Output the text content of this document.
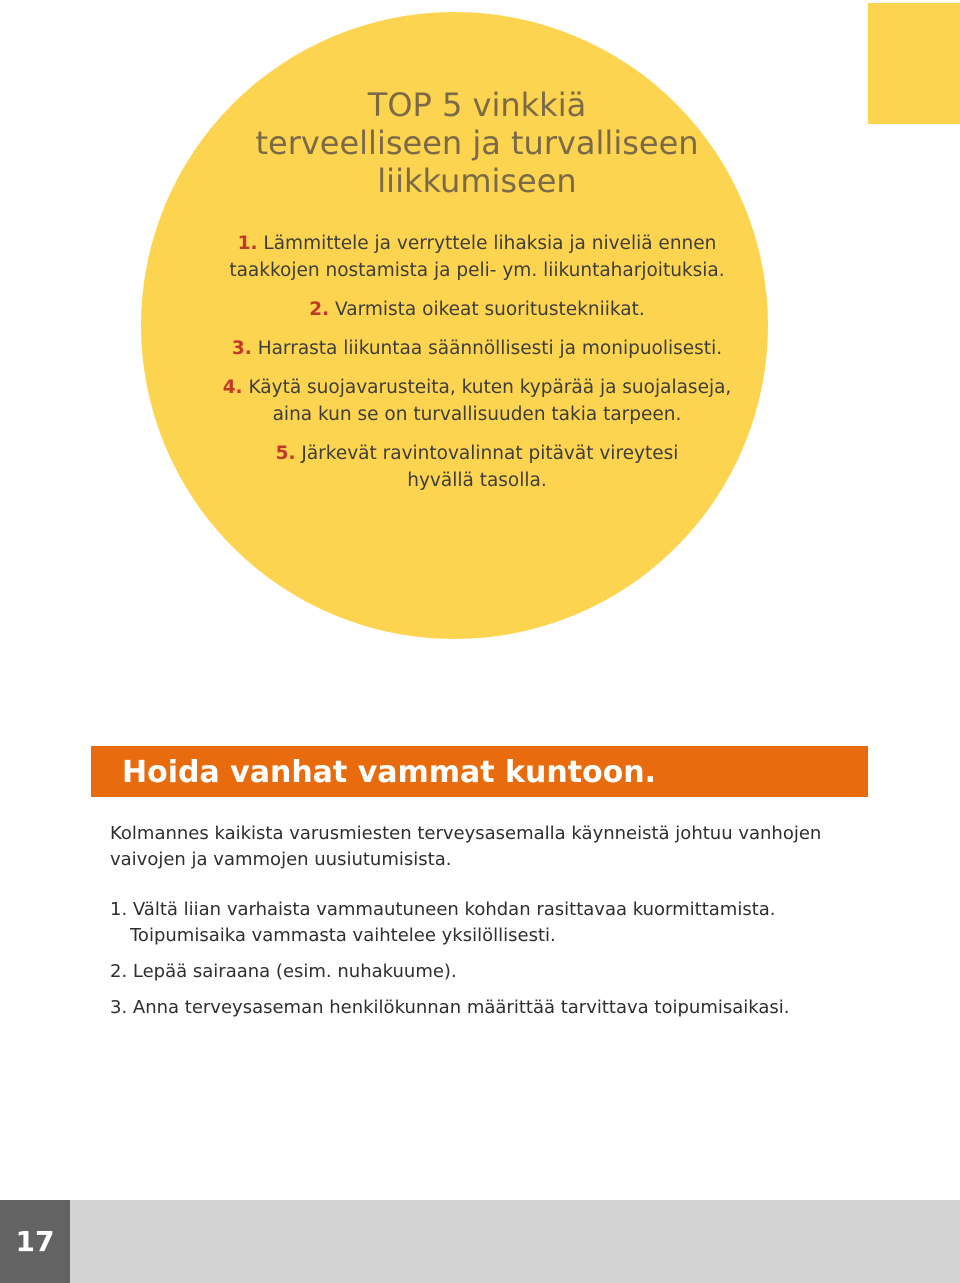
TOP 5 vinkkiä
terveelliseen ja turvalliseen
liikkumiseen
1. Lämmittele ja verryttele lihaksia ja niveliä ennen
taakkojen nostamista ja peli- ym. liikuntaharjoituksia.
2. Varmista oikeat suoritustekniikat.
3. Harrasta liikuntaa säännöllisesti ja monipuolisesti.
4. Käytä suojavarusteita, kuten kypärää ja suojalaseja,
aina kun se on turvallisuuden takia tarpeen.
5. Järkevät ravintovalinnat pitävät vireytesi
hyvällä tasolla.
Hoida vanhat vammat kuntoon.
Kolmannes kaikista varusmiesten terveysasemalla käynneistä johtuu vanhojen
vaivojen ja vammojen uusiutumisista.
1. Vältä liian varhaista vammautuneen kohdan rasittavaa kuormittamista.
Toipumisaika vammasta vaihtelee yksilöllisesti.
2. Lepää sairaana (esim. nuhakuume).
3. Anna terveysaseman henkilökunnan määrittää tarvittava toipumisaikasi.
17
